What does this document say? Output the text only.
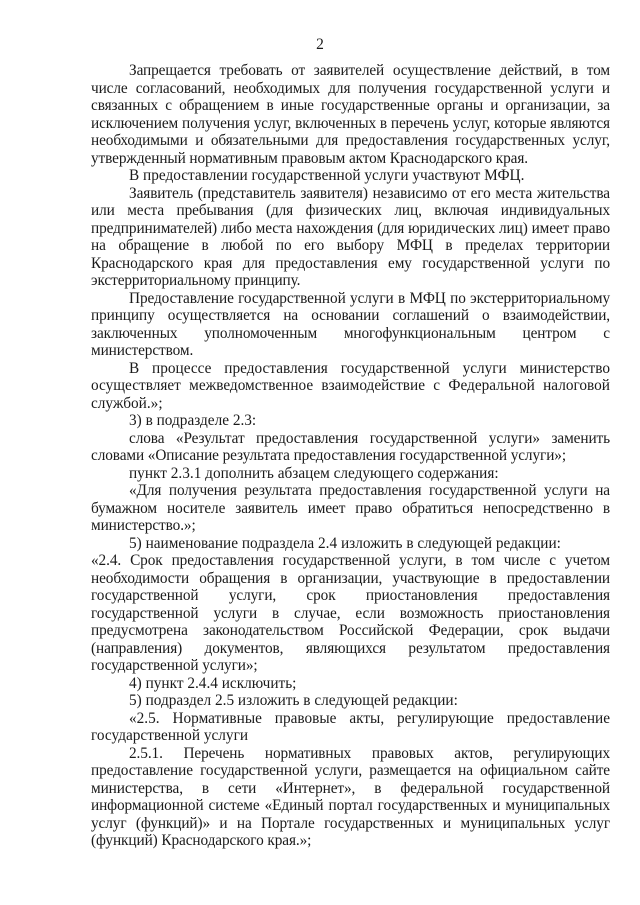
2

Запрещается требовать от заявителей осуществление действий, в том числе согласований, необходимых для получения государственной услуги и связанных с обращением в иные государственные органы и организации, за исключением получения услуг, включенных в перечень услуг, которые являются необходимыми и обязательными для предоставления государственных услуг, утвержденный нормативным правовым актом Краснодарского края.

В предоставлении государственной услуги участвуют МФЦ.

Заявитель (представитель заявителя) независимо от его места жительства или места пребывания (для физических лиц, включая индивидуальных предпринимателей) либо места нахождения (для юридических лиц) имеет право на обращение в любой по его выбору МФЦ в пределах территории Краснодарского края для предоставления ему государственной услуги по экстерриториальному принципу.

Предоставление государственной услуги в МФЦ по экстерриториальному принципу осуществляется на основании соглашений о взаимодействии, заключенных уполномоченным многофункциональным центром с министерством.

В процессе предоставления государственной услуги министерство осуществляет межведомственное взаимодействие с Федеральной налоговой службой.»;

3) в подразделе 2.3:

слова «Результат предоставления государственной услуги» заменить словами «Описание результата предоставления государственной услуги»;

пункт 2.3.1 дополнить абзацем следующего содержания:

«Для получения результата предоставления государственной услуги на бумажном носителе заявитель имеет право обратиться непосредственно в министерство.»;

5) наименование подраздела 2.4 изложить в следующей редакции:

«2.4. Срок предоставления государственной услуги, в том числе с учетом необходимости обращения в организации, участвующие в предоставлении государственной услуги, срок приостановления предоставления государственной услуги в случае, если возможность приостановления предусмотрена законодательством Российской Федерации, срок выдачи (направления) документов, являющихся результатом предоставления государственной услуги»;

4) пункт 2.4.4 исключить;

5) подраздел 2.5 изложить в следующей редакции:

«2.5. Нормативные правовые акты, регулирующие предоставление государственной услуги

2.5.1. Перечень нормативных правовых актов, регулирующих предоставление государственной услуги, размещается на официальном сайте министерства, в сети «Интернет», в федеральной государственной информационной системе «Единый портал государственных и муниципальных услуг (функций)» и на Портале государственных и муниципальных услуг (функций) Краснодарского края.»;
